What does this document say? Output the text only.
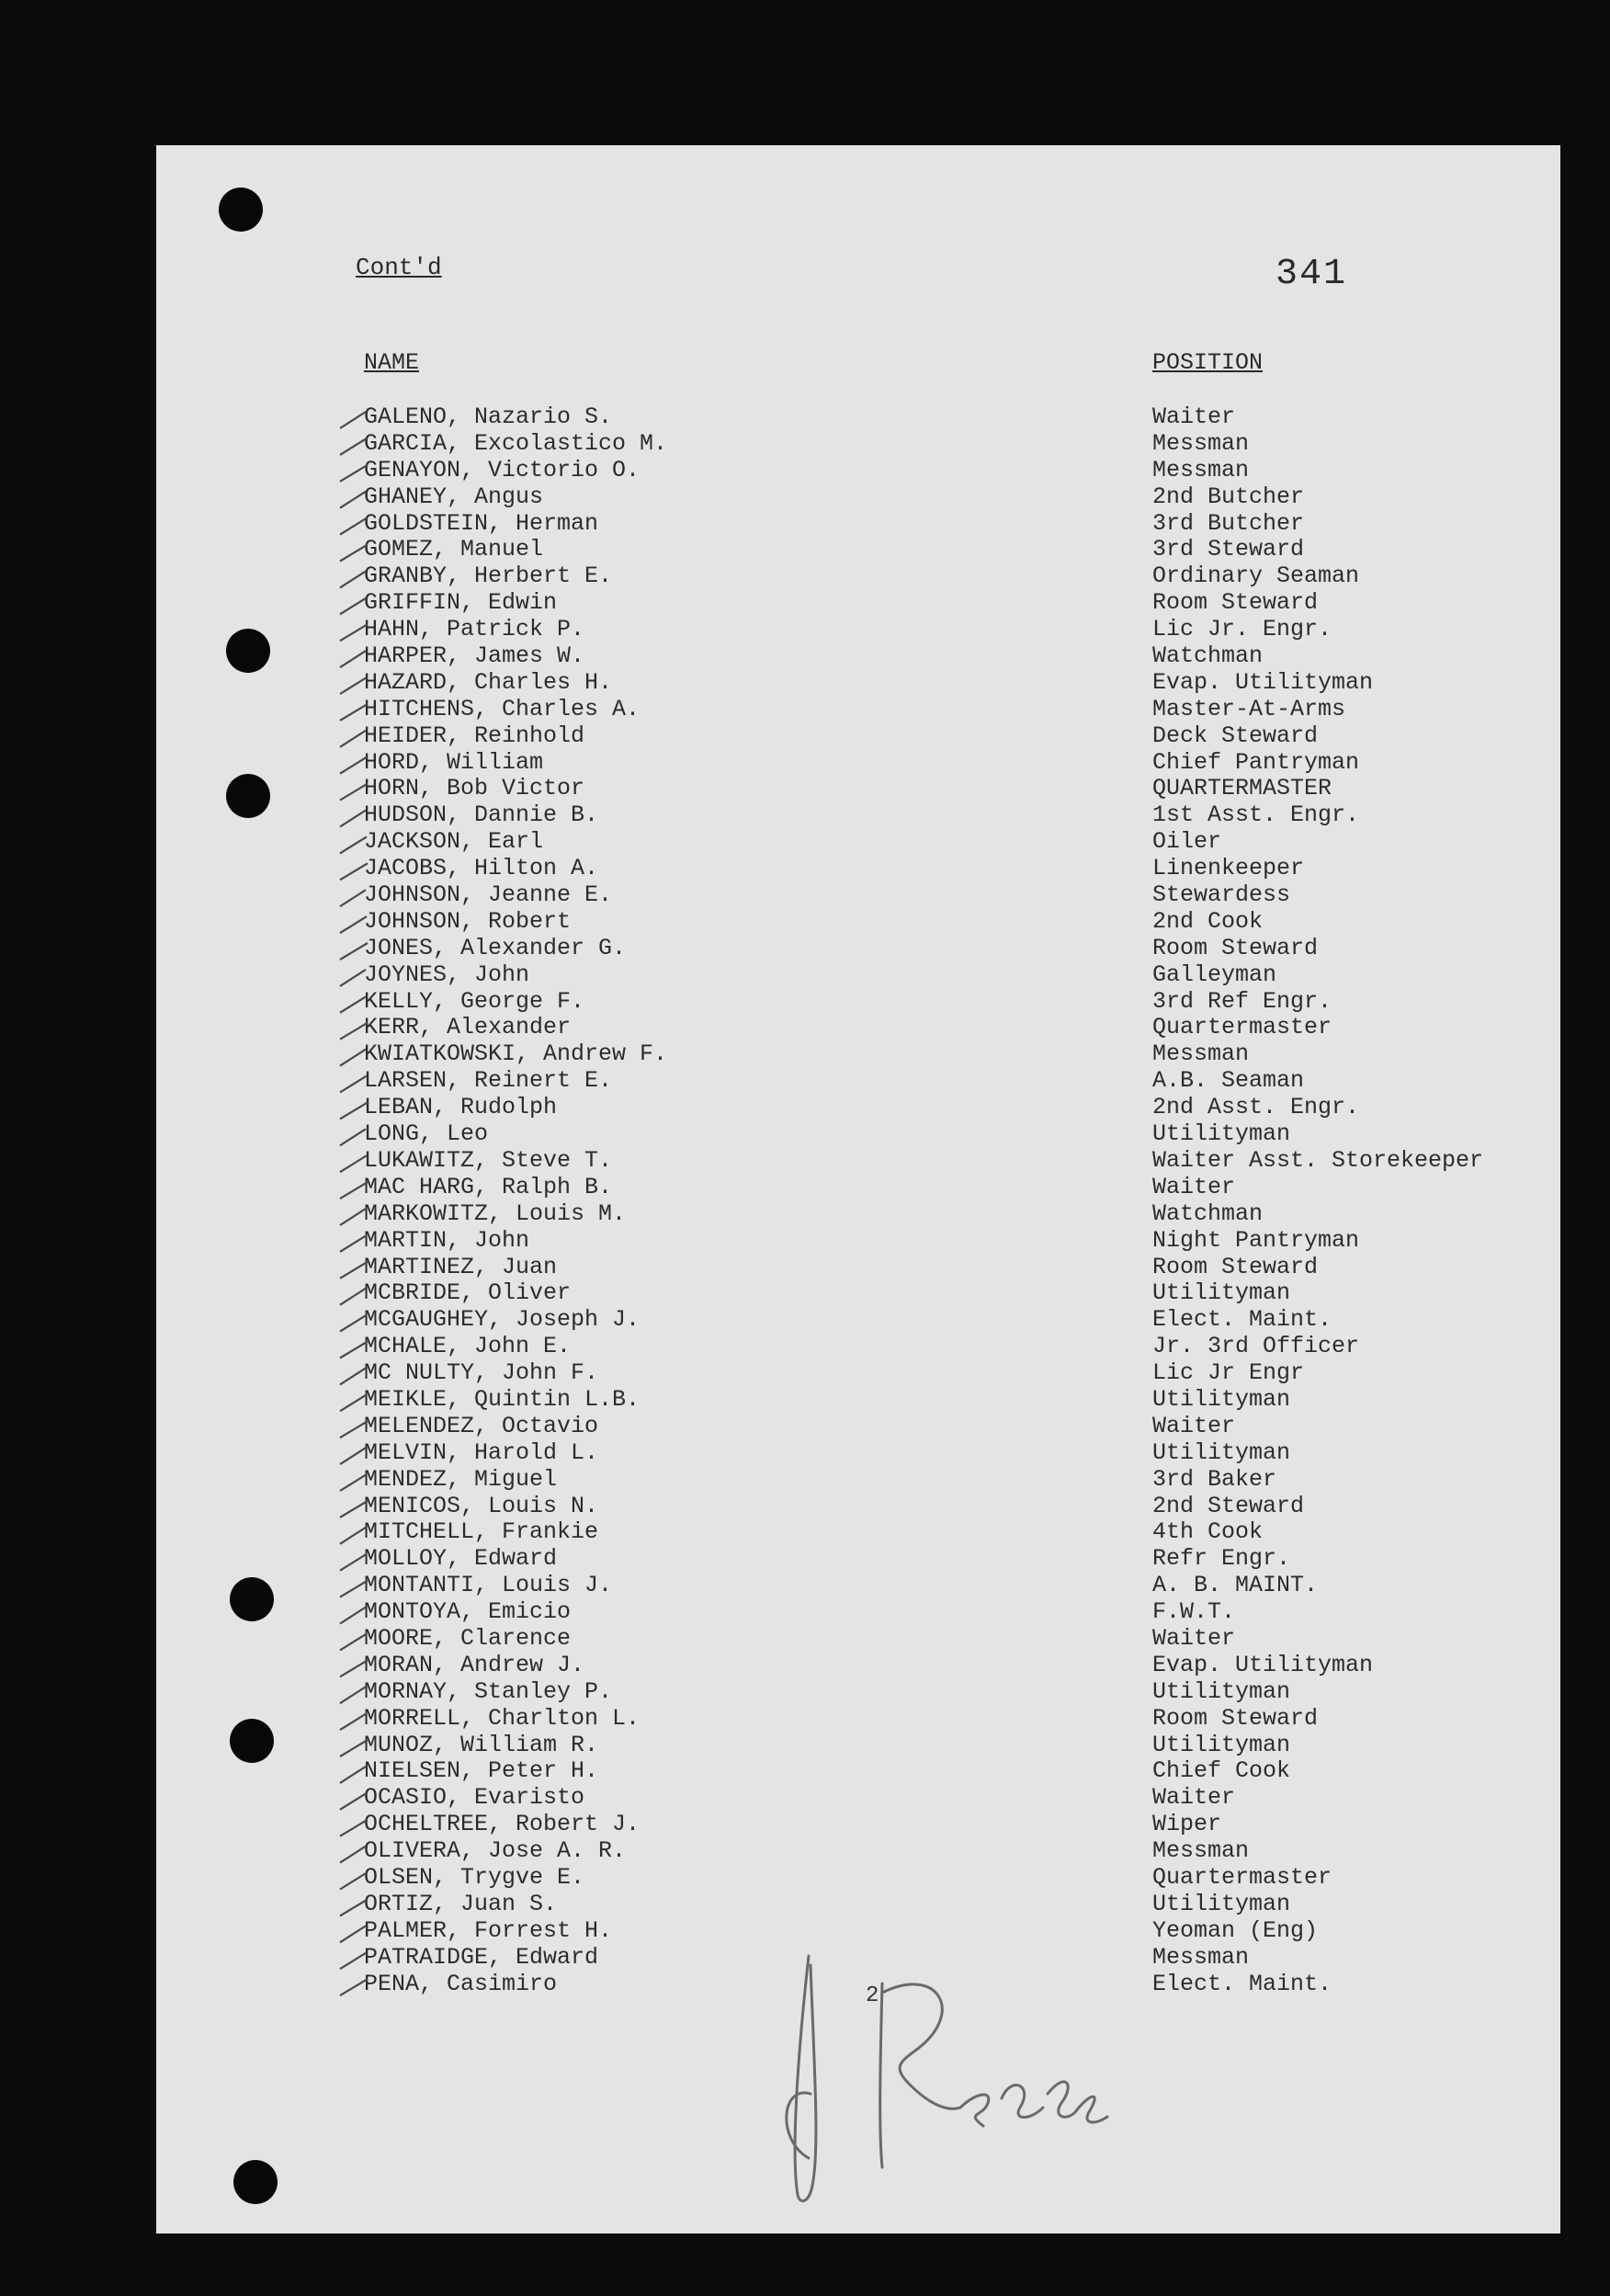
Cont'd	341
NAME	POSITION
GALENO, Nazario S.	Waiter
GARCIA, Excolastico M.	Messman
GENAYON, Victorio O.	Messman
GHANEY, Angus	2nd Butcher
GOLDSTEIN, Herman	3rd Butcher
GOMEZ, Manuel	3rd Steward
GRANBY, Herbert E.	Ordinary Seaman
GRIFFIN, Edwin	Room Steward
HAHN, Patrick P.	Lic Jr. Engr.
HARPER, James W.	Watchman
HAZARD, Charles H.	Evap. Utilityman
HITCHENS, Charles A.	Master-At-Arms
HEIDER, Reinhold	Deck Steward
HORD, William	Chief Pantryman
HORN, Bob Victor	QUARTERMASTER
HUDSON, Dannie B.	1st Asst. Engr.
JACKSON, Earl	Oiler
JACOBS, Hilton A.	Linenkeeper
JOHNSON, Jeanne E.	Stewardess
JOHNSON, Robert	2nd Cook
JONES, Alexander G.	Room Steward
JOYNES, John	Galleyman
KELLY, George F.	3rd Ref Engr.
KERR, Alexander	Quartermaster
KWIATKOWSKI, Andrew F.	Messman
LARSEN, Reinert E.	A.B. Seaman
LEBAN, Rudolph	2nd Asst. Engr.
LONG, Leo	Utilityman
LUKAWITZ, Steve T.	Waiter Asst. Storekeeper
MAC HARG, Ralph B.	Waiter
MARKOWITZ, Louis M.	Watchman
MARTIN, John	Night Pantryman
MARTINEZ, Juan	Room Steward
MCBRIDE, Oliver	Utilityman
MCGAUGHEY, Joseph J.	Elect. Maint.
MCHALE, John E.	Jr. 3rd Officer
MC NULTY, John F.	Lic Jr Engr
MEIKLE, Quintin L.B.	Utilityman
MELENDEZ, Octavio	Waiter
MELVIN, Harold L.	Utilityman
MENDEZ, Miguel	3rd Baker
MENICOS, Louis N.	2nd Steward
MITCHELL, Frankie	4th Cook
MOLLOY, Edward	Refr Engr.
MONTANTI, Louis J.	A. B. MAINT.
MONTOYA, Emicio	F.W.T.
MOORE, Clarence	Waiter
MORAN, Andrew J.	Evap. Utilityman
MORNAY, Stanley P.	Utilityman
MORRELL, Charlton L.	Room Steward
MUNOZ, William R.	Utilityman
NIELSEN, Peter H.	Chief Cook
OCASIO, Evaristo	Waiter
OCHELTREE, Robert J.	Wiper
OLIVERA, Jose A. R.	Messman
OLSEN, Trygve E.	Quartermaster
ORTIZ, Juan S.	Utilityman
PALMER, Forrest H.	Yeoman (Eng)
PATRAIDGE, Edward	Messman
PENA, Casimiro	Elect. Maint.
2
